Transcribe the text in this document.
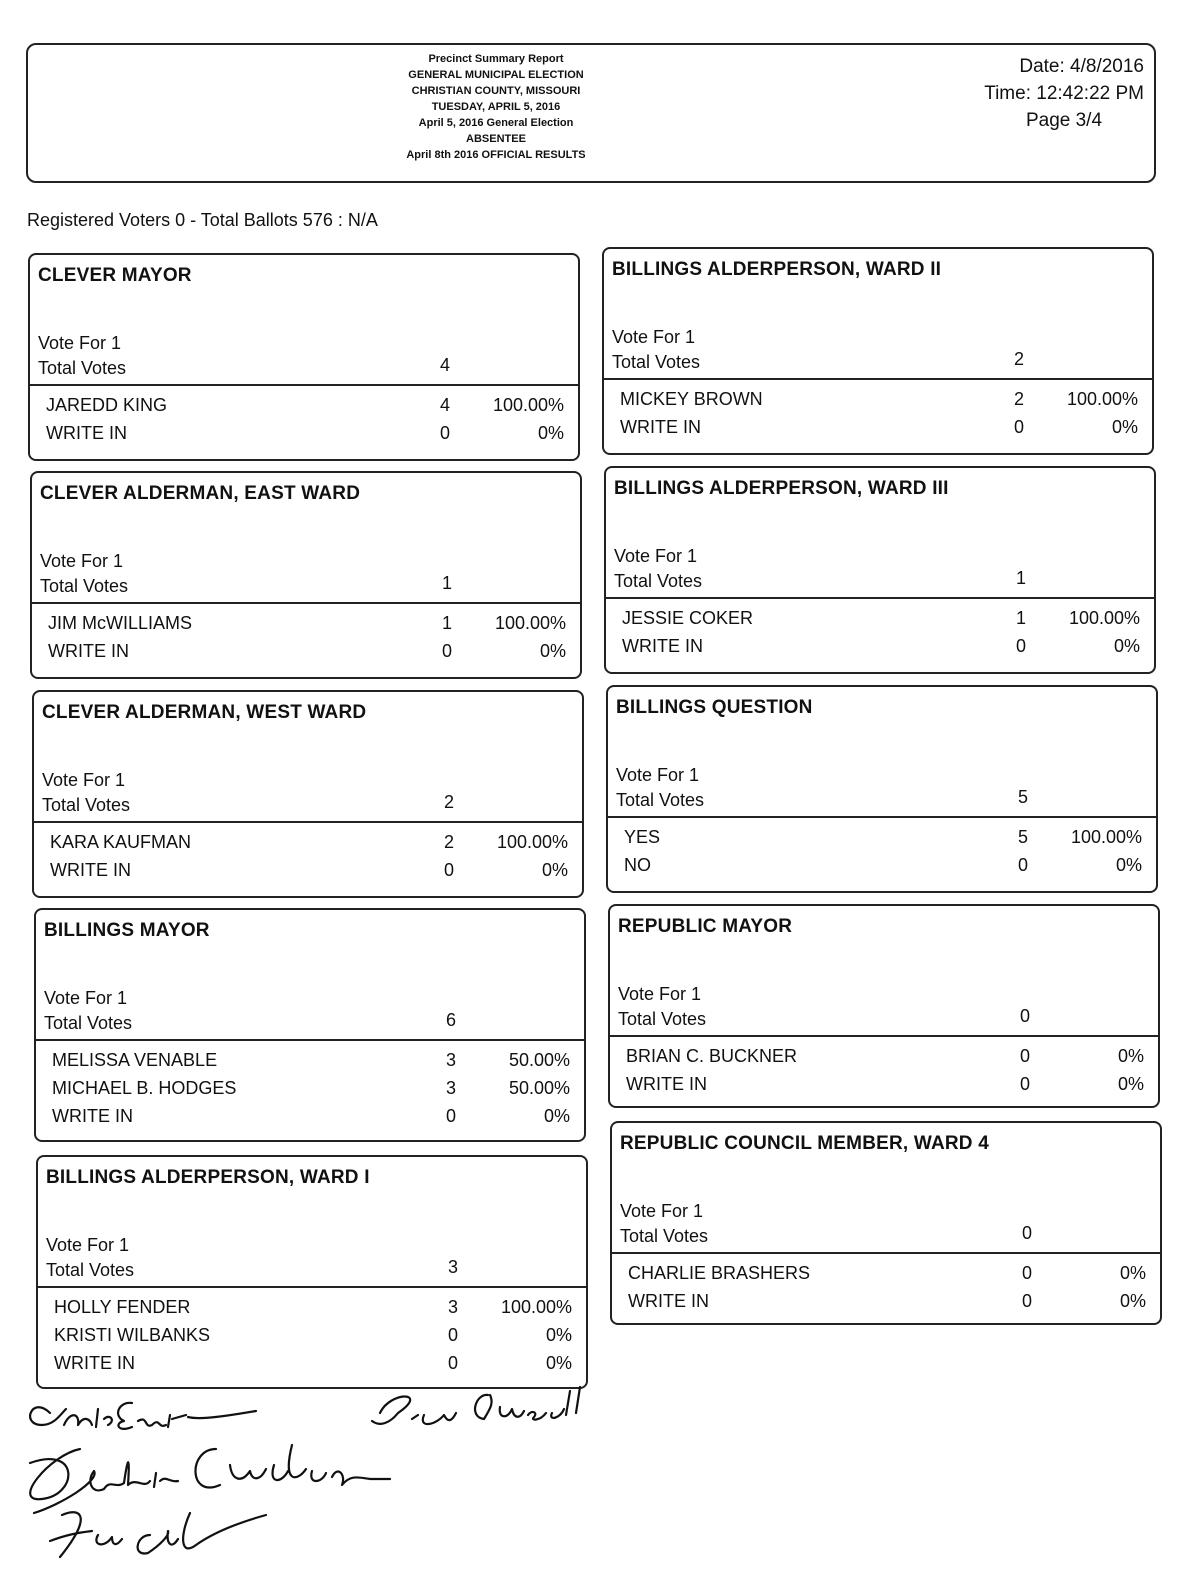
Precinct Summary Report
GENERAL MUNICIPAL ELECTION
CHRISTIAN COUNTY, MISSOURI
TUESDAY, APRIL 5, 2016
April 5, 2016 General Election
ABSENTEE
April 8th 2016 OFFICIAL RESULTS
Date: 4/8/2016
Time: 12:42:22 PM
Page 3/4
Registered Voters 0 - Total Ballots 576 : N/A
CLEVER MAYOR
Vote For 1
Total Votes	4
JAREDD KING	4	100.00%
WRITE IN	0	0%
CLEVER ALDERMAN, EAST WARD
Vote For 1
Total Votes	1
JIM McWILLIAMS	1	100.00%
WRITE IN	0	0%
CLEVER ALDERMAN, WEST WARD
Vote For 1
Total Votes	2
KARA KAUFMAN	2	100.00%
WRITE IN	0	0%
BILLINGS MAYOR
Vote For 1
Total Votes	6
MELISSA VENABLE	3	50.00%
MICHAEL B. HODGES	3	50.00%
WRITE IN	0	0%
BILLINGS ALDERPERSON, WARD I
Vote For 1
Total Votes	3
HOLLY FENDER	3	100.00%
KRISTI WILBANKS	0	0%
WRITE IN	0	0%
BILLINGS ALDERPERSON, WARD II
Vote For 1
Total Votes	2
MICKEY BROWN	2	100.00%
WRITE IN	0	0%
BILLINGS ALDERPERSON, WARD III
Vote For 1
Total Votes	1
JESSIE COKER	1	100.00%
WRITE IN	0	0%
BILLINGS QUESTION
Vote For 1
Total Votes	5
YES	5	100.00%
NO	0	0%
REPUBLIC MAYOR
Vote For 1
Total Votes	0
BRIAN C. BUCKNER	0	0%
WRITE IN	0	0%
REPUBLIC COUNCIL MEMBER, WARD 4
Vote For 1
Total Votes	0
CHARLIE BRASHERS	0	0%
WRITE IN	0	0%
